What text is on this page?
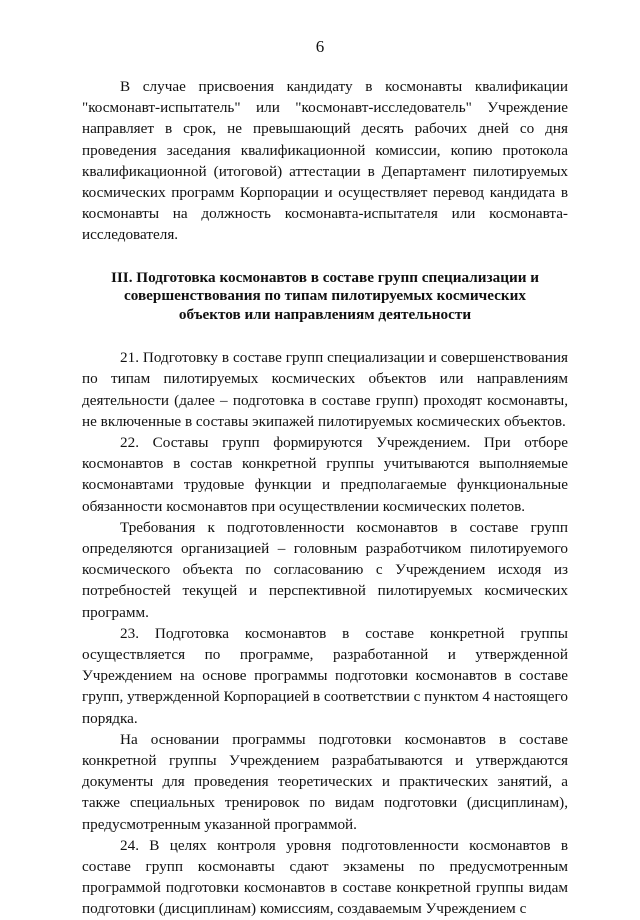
6

В случае присвоения кандидату в космонавты квалификации "космонавт-испытатель" или "космонавт-исследователь" Учреждение направляет в срок, не превышающий десять рабочих дней со дня проведения заседания квалификационной комиссии, копию протокола квалификационной (итоговой) аттестации в Департамент пилотируемых космических программ Корпорации и осуществляет перевод кандидата в космонавты на должность космонавта-испытателя или космонавта-исследователя.

III. Подготовка космонавтов в составе групп специализации и совершенствования по типам пилотируемых космических объектов или направлениям деятельности

21. Подготовку в составе групп специализации и совершенствования по типам пилотируемых космических объектов или направлениям деятельности (далее – подготовка в составе групп) проходят космонавты, не включенные в составы экипажей пилотируемых космических объектов.

22. Составы групп формируются Учреждением. При отборе космонавтов в состав конкретной группы учитываются выполняемые космонавтами трудовые функции и предполагаемые функциональные обязанности космонавтов при осуществлении космических полетов.

Требования к подготовленности космонавтов в составе групп определяются организацией – головным разработчиком пилотируемого космического объекта по согласованию с Учреждением исходя из потребностей текущей и перспективной пилотируемых космических программ.

23. Подготовка космонавтов в составе конкретной группы осуществляется по программе, разработанной и утвержденной Учреждением на основе программы подготовки космонавтов в составе групп, утвержденной Корпорацией в соответствии с пунктом 4 настоящего порядка.

На основании программы подготовки космонавтов в составе конкретной группы Учреждением разрабатываются и утверждаются документы для проведения теоретических и практических занятий, а также специальных тренировок по видам подготовки (дисциплинам), предусмотренным указанной программой.

24. В целях контроля уровня подготовленности космонавтов в составе групп космонавты сдают экзамены по предусмотренным программой подготовки космонавтов в составе конкретной группы видам подготовки (дисциплинам) комиссиям, создаваемым Учреждением с
